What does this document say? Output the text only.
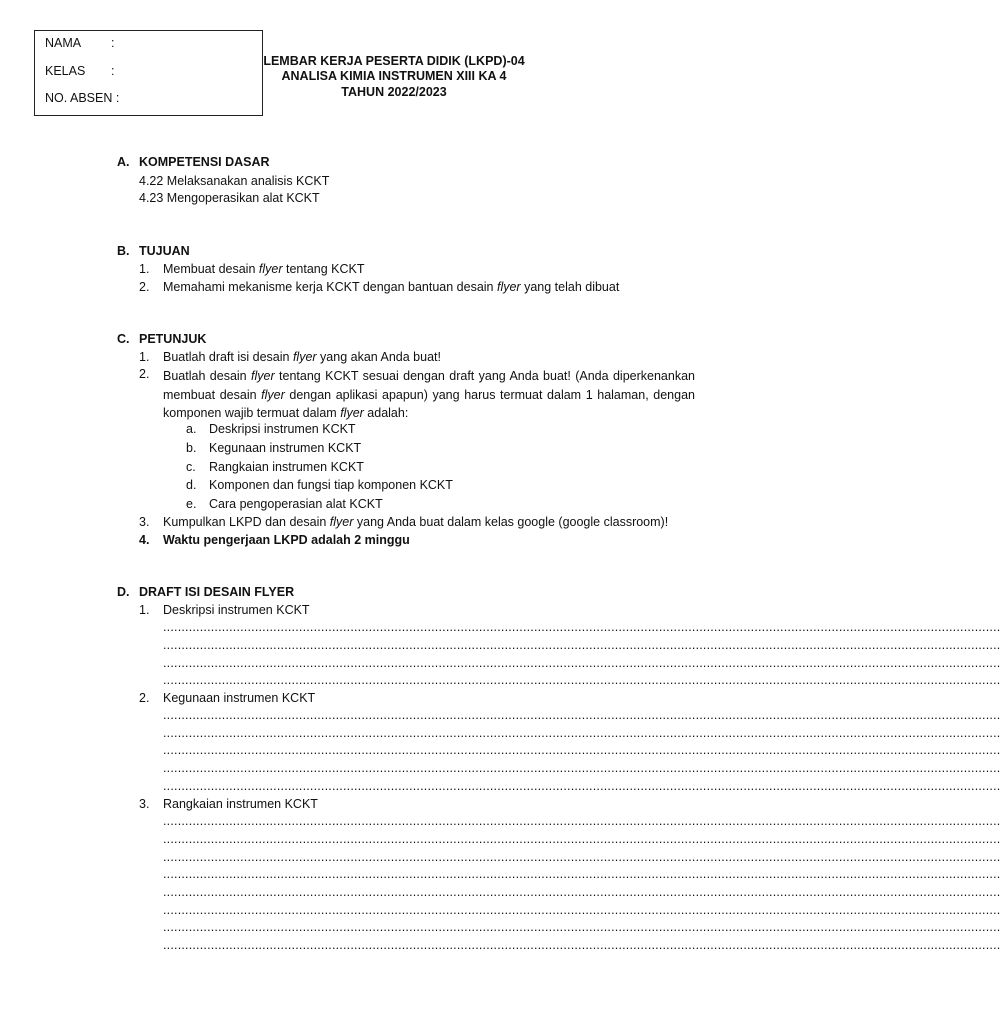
NAMA :
KELAS :
NO. ABSEN :
LEMBAR KERJA PESERTA DIDIK (LKPD)-04
ANALISA KIMIA INSTRUMEN XIII KA 4
TAHUN 2022/2023
A. KOMPETENSI DASAR
4.22 Melaksanakan analisis KCKT
4.23 Mengoperasikan alat KCKT
B. TUJUAN
1. Membuat desain flyer tentang KCKT
2. Memahami mekanisme kerja KCKT dengan bantuan desain flyer yang telah dibuat
C. PETUNJUK
1. Buatlah draft isi desain flyer yang akan Anda buat!
2. Buatlah desain flyer tentang KCKT sesuai dengan draft yang Anda buat! (Anda diperkenankan membuat desain flyer dengan aplikasi apapun) yang harus termuat dalam 1 halaman, dengan komponen wajib termuat dalam flyer adalah:
a. Deskripsi instrumen KCKT
b. Kegunaan instrumen KCKT
c. Rangkaian instrumen KCKT
d. Komponen dan fungsi tiap komponen KCKT
e. Cara pengoperasian alat KCKT
3. Kumpulkan LKPD dan desain flyer yang Anda buat dalam kelas google (google classroom)!
4. Waktu pengerjaan LKPD adalah 2 minggu
D. DRAFT ISI DESAIN FLYER
1. Deskripsi instrumen KCKT
....................................................................................................................................................................................................................................
....................................................................................................................................................................................................................................
....................................................................................................................................................................................................................................
....................................................................................................................................................................................................................................
2. Kegunaan instrumen KCKT
....................................................................................................................................................................................................................................
....................................................................................................................................................................................................................................
....................................................................................................................................................................................................................................
....................................................................................................................................................................................................................................
....................................................................................................................................................................................................................................
3. Rangkaian instrumen KCKT
....................................................................................................................................................................................................................................
....................................................................................................................................................................................................................................
....................................................................................................................................................................................................................................
....................................................................................................................................................................................................................................
....................................................................................................................................................................................................................................
....................................................................................................................................................................................................................................
....................................................................................................................................................................................................................................
....................................................................................................................................................................................................................................
